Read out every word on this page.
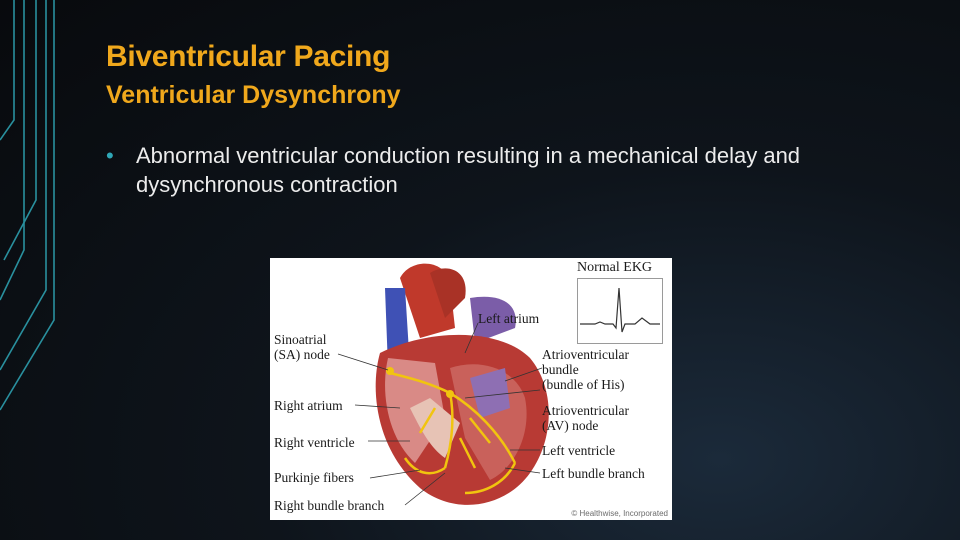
Biventricular Pacing
Ventricular Dysynchrony
•	Abnormal ventricular conduction resulting in a mechanical delay and dysynchronous contraction
Normal EKG
Left atrium
Sinoatrial
(SA) node	Atrioventricular
bundle
(bundle of His)
Right atrium	Atrioventricular
(AV) node
Right ventricle
Left ventricle
Purkinje fibers	Left bundle branch
Right bundle branch
© Healthwise, Incorporated
